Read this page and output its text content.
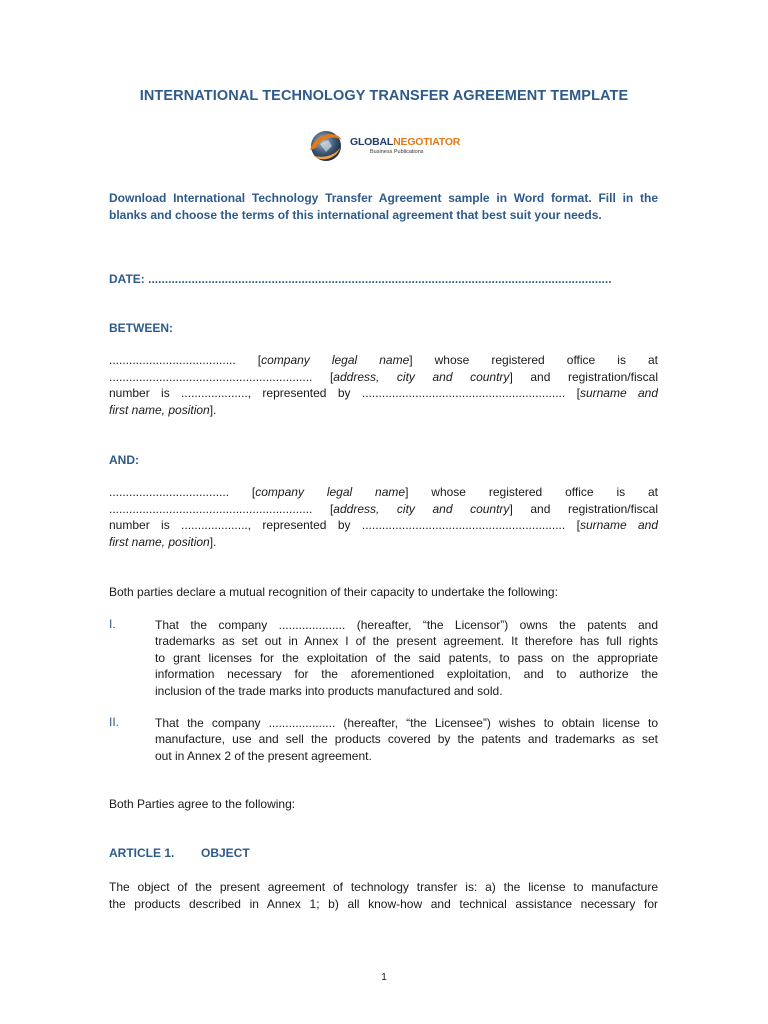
INTERNATIONAL TECHNOLOGY TRANSFER AGREEMENT TEMPLATE
GLOBALNEGOTIATOR
Business Publications
Download International Technology Transfer Agreement sample in Word format. Fill in the blanks and choose the terms of this international agreement that best suit your needs.
DATE: ...........................................................................................................................................
BETWEEN:
...................................... [company legal name] whose registered office is at
............................................................. [address, city and country] and registration/fiscal
number is ...................., represented by ............................................................. [surname and
first name, position].
AND:
.................................... [company legal name] whose registered office is at
............................................................. [address, city and country] and registration/fiscal
number is ...................., represented by ............................................................. [surname and
first name, position].
Both parties declare a mutual recognition of their capacity to undertake the following:
I.	That the company .................... (hereafter, “the Licensor”) owns the patents and
trademarks as set out in Annex I of the present agreement. It therefore has full rights
to grant licenses for the exploitation of the said patents, to pass on the appropriate
information necessary for the aforementioned exploitation, and to authorize the
inclusion of the trade marks into products manufactured and sold.
II.	That the company .................... (hereafter, “the Licensee”) wishes to obtain license to
manufacture, use and sell the products covered by the patents and trademarks as set
out in Annex 2 of the present agreement.
Both Parties agree to the following:
ARTICLE 1. OBJECT
The object of the present agreement of technology transfer is: a) the license to manufacture
the products described in Annex 1; b) all know-how and technical assistance necessary for
1
